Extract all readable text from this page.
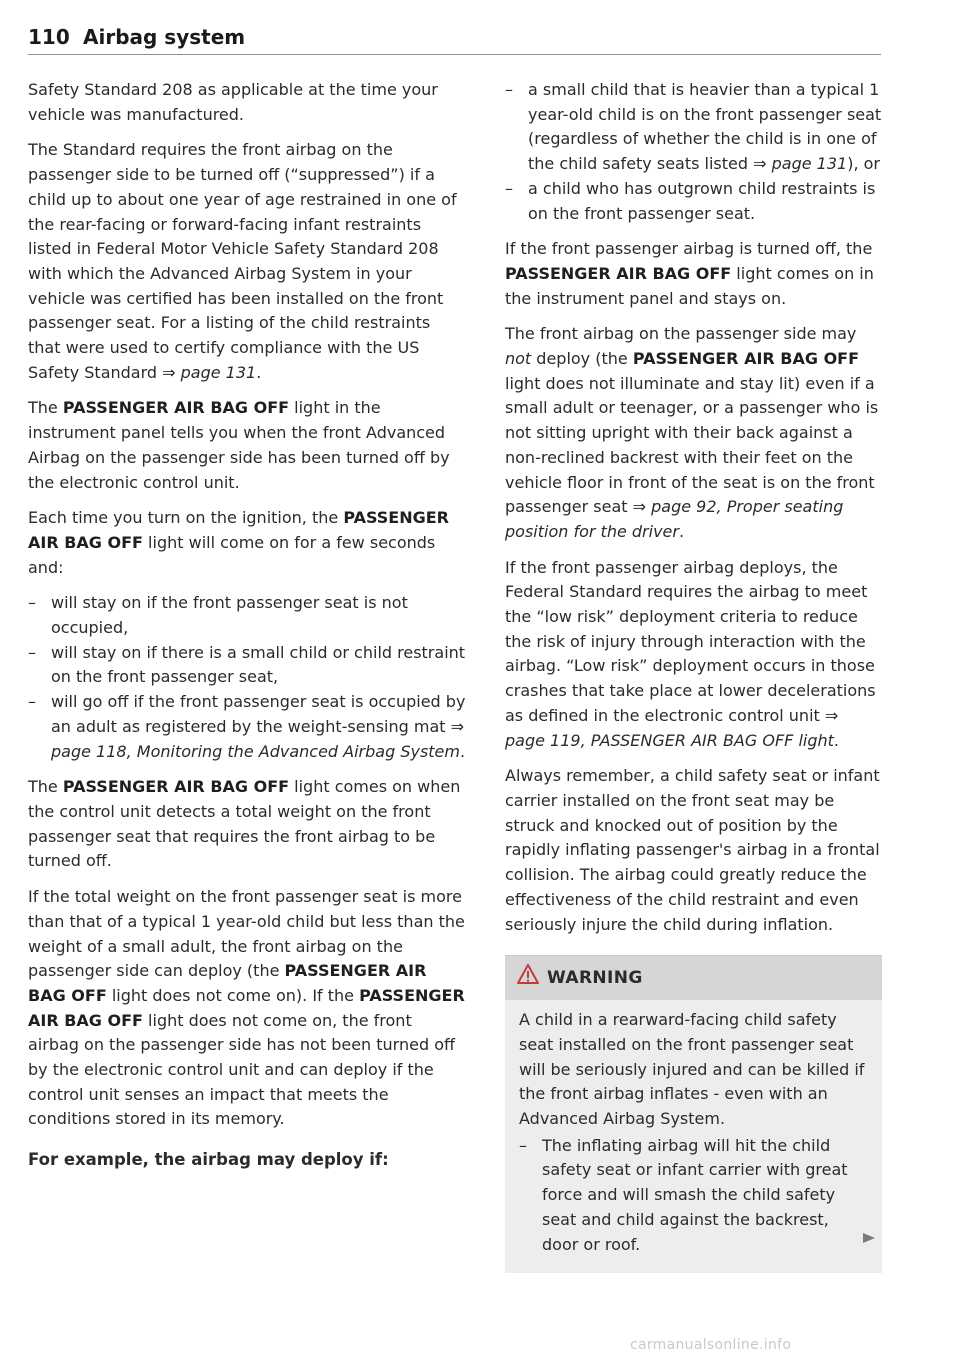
110 Airbag system

Safety Standard 208 as applicable at the time your vehicle was manufactured.

The Standard requires the front airbag on the passenger side to be turned off (“suppressed”) if a child up to about one year of age restrained in one of the rear-facing or forward-facing infant restraints listed in Federal Motor Vehicle Safety Standard 208 with which the Advanced Airbag System in your vehicle was certified has been installed on the front passenger seat. For a listing of the child restraints that were used to certify compliance with the US Safety Standard ⇒ page 131.

The PASSENGER AIR BAG OFF light in the instrument panel tells you when the front Advanced Airbag on the passenger side has been turned off by the electronic control unit.

Each time you turn on the ignition, the PASSENGER AIR BAG OFF light will come on for a few seconds and:

– will stay on if the front passenger seat is not occupied,

– will stay on if there is a small child or child restraint on the front passenger seat,

– will go off if the front passenger seat is occupied by an adult as registered by the weight-sensing mat ⇒ page 118, Monitoring the Advanced Airbag System.

The PASSENGER AIR BAG OFF light comes on when the control unit detects a total weight on the front passenger seat that requires the front airbag to be turned off.

If the total weight on the front passenger seat is more than that of a typical 1 year-old child but less than the weight of a small adult, the front airbag on the passenger side can deploy (the PASSENGER AIR BAG OFF light does not come on). If the PASSENGER AIR BAG OFF light does not come on, the front airbag on the passenger side has not been turned off by the electronic control unit and can deploy if the control unit senses an impact that meets the conditions stored in its memory.

For example, the airbag may deploy if:

– a small child that is heavier than a typical 1 year-old child is on the front passenger seat (regardless of whether the child is in one of the child safety seats listed ⇒ page 131), or

– a child who has outgrown child restraints is on the front passenger seat.

If the front passenger airbag is turned off, the PASSENGER AIR BAG OFF light comes on in the instrument panel and stays on.

The front airbag on the passenger side may not deploy (the PASSENGER AIR BAG OFF light does not illuminate and stay lit) even if a small adult or teenager, or a passenger who is not sitting upright with their back against a non-reclined backrest with their feet on the vehicle floor in front of the seat is on the front passenger seat ⇒ page 92, Proper seating position for the driver.

If the front passenger airbag deploys, the Federal Standard requires the airbag to meet the “low risk” deployment criteria to reduce the risk of injury through interaction with the airbag. “Low risk” deployment occurs in those crashes that take place at lower decelerations as defined in the electronic control unit ⇒ page 119, PASSENGER AIR BAG OFF light.

Always remember, a child safety seat or infant carrier installed on the front seat may be struck and knocked out of position by the rapidly inflating passenger's airbag in a frontal collision. The airbag could greatly reduce the effectiveness of the child restraint and even seriously injure the child during inflation.

WARNING

A child in a rearward-facing child safety seat installed on the front passenger seat will be seriously injured and can be killed if the front airbag inflates - even with an Advanced Airbag System.

– The inflating airbag will hit the child safety seat or infant carrier with great force and will smash the child safety seat and child against the backrest, door or roof.

carmanualsonline.info
